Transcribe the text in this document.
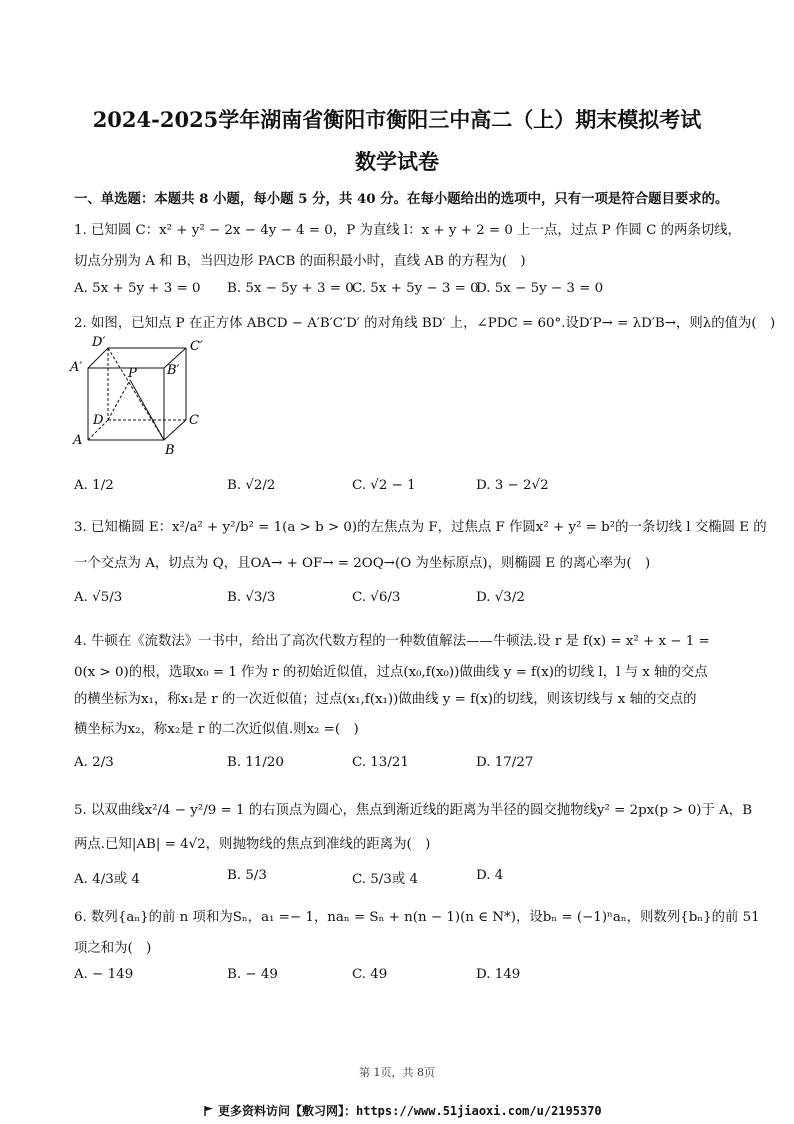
2024-2025学年湖南省衡阳市衡阳三中高二（上）期末模拟考试
数学试卷
一、单选题：本题共 8 小题，每小题 5 分，共 40 分。在每小题给出的选项中，只有一项是符合题目要求的。
1. 已知圆 C：x² + y² − 2x − 4y − 4 = 0，P 为直线 l：x + y + 2 = 0 上一点，过点 P 作圆 C 的两条切线，
切点分别为 A 和 B，当四边形 PACB 的面积最小时，直线 AB 的方程为(　)
A. 5x + 5y + 3 = 0 B. 5x − 5y + 3 = 0
C. 5x + 5y − 3 = 0
D. 5x − 5y − 3 = 0
2. 如图，已知点 P 在正方体 ABCD − A′B′C′D′ 的对角线 BD′ 上，∠PDC = 60°.设D′P→ = λD′B→，则λ的值为(　)
D′	C′
A′	B′
P
D	C
A
B
A. 1/2	B. √2/2	C. √2 − 1	D. 3 − 2√2
3. 已知椭圆 E：x²/a² + y²/b² = 1(a > b > 0)的左焦点为 F，过焦点 F 作圆x² + y² = b²的一条切线 l 交椭圆 E 的
一个交点为 A，切点为 Q，且OA→ + OF→ = 2OQ→(O 为坐标原点)，则椭圆 E 的离心率为(　)
A. √5/3	B. √3/3	C. √6/3	D. √3/2
4. 牛顿在《流数法》一书中，给出了高次代数方程的一种数值解法——牛顿法.设 r 是 f(x) = x² + x − 1 =
0(x > 0)的根，选取x₀ = 1 作为 r 的初始近似值，过点(x₀,f(x₀))做曲线 y = f(x)的切线 l，l 与 x 轴的交点
的横坐标为x₁，称x₁是 r 的一次近似值；过点(x₁,f(x₁))做曲线 y = f(x)的切线，则该切线与 x 轴的交点的
横坐标为x₂，称x₂是 r 的二次近似值.则x₂ =(　)
A. 2/3	B. 11/20	C. 13/21	D. 17/27
5. 以双曲线x²/4 − y²/9 = 1 的右顶点为圆心，焦点到渐近线的距离为半径的圆交抛物线y² = 2px(p > 0)于 A，B
两点.已知|AB| = 4√2，则抛物线的焦点到准线的距离为(　)
A. 4/3或 4	B. 5/3	C. 5/3或 4	D. 4
6. 数列{aₙ}的前 n 项和为Sₙ，a₁ =− 1，naₙ = Sₙ + n(n − 1)(n ∈ N*)，设bₙ = (−1)ⁿaₙ，则数列{bₙ}的前 51
项之和为(　)
A. − 149	B. − 49	C. 49	D. 149
第 1页，共 8页
更多资料访问【敷习网】：https://www.51jiaoxi.com/u/2195370
